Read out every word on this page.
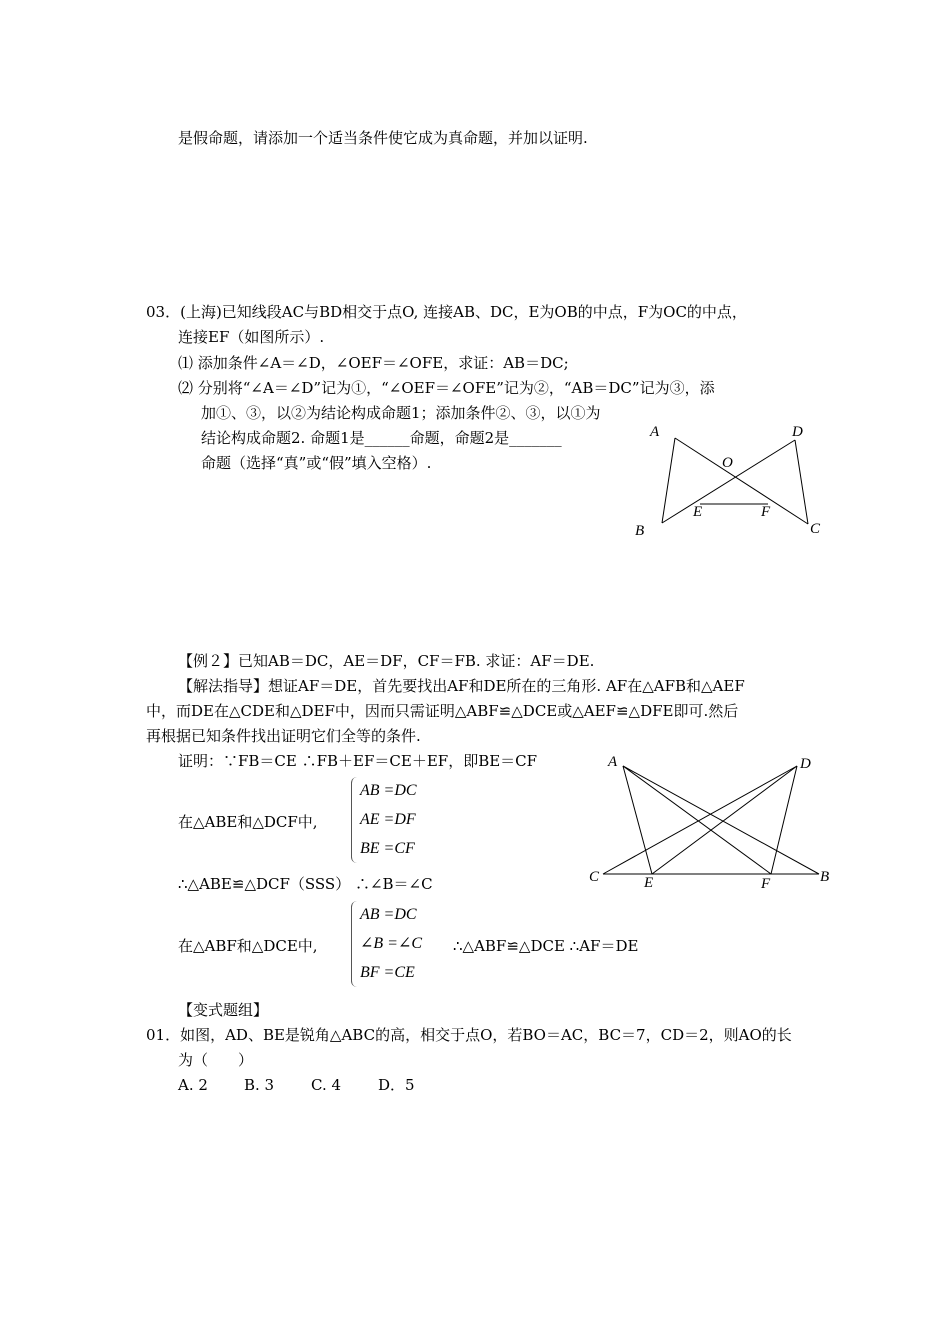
是假命题，请添加一个适当条件使它成为真命题，并加以证明.
03．(上海)已知线段AC与BD相交于点O, 连接AB、DC，E为OB的中点，F为OC的中点，
连接EF（如图所示）.
⑴ 添加条件∠A＝∠D，∠OEF＝∠OFE，求证：AB＝DC;
⑵ 分别将“∠A＝∠D”记为①，“∠OEF＝∠OFE”记为②，“AB＝DC”记为③，添
加①、③，以②为结论构成命题1；添加条件②、③，以①为
结论构成命题2. 命题1是______命题，命题2是_______
命题（选择“真”或“假”填入空格）.
A	D
O
E	F
B	C
【例２】已知AB＝DC，AE＝DF，CF＝FB. 求证：AF＝DE.
【解法指导】想证AF＝DE，首先要找出AF和DE所在的三角形. AF在△AFB和△AEF
中，而DE在△CDE和△DEF中，因而只需证明△ABF≌△DCE或△AEF≌△DFE即可.然后
再根据已知条件找出证明它们全等的条件.
证明：∵FB＝CE ∴FB＋EF＝CE＋EF，即BE＝CF
在△ABE和△DCF中,
AB =DC
AE =DF
BE =CF
∴△ABE≌△DCF（SSS） ∴∠B＝∠C
在△ABF和△DCE中,
AB =DC
∠B =∠C
BF =CE
∴△ABF≌△DCE ∴AF＝DE
A	D
C	E	F	B
【变式题组】
01．如图，AD、BE是锐角△ABC的高，相交于点O，若BO＝AC，BC＝7，CD＝2，则AO的长
为（　　）
A. 2 B. 3 C. 4 D．5
